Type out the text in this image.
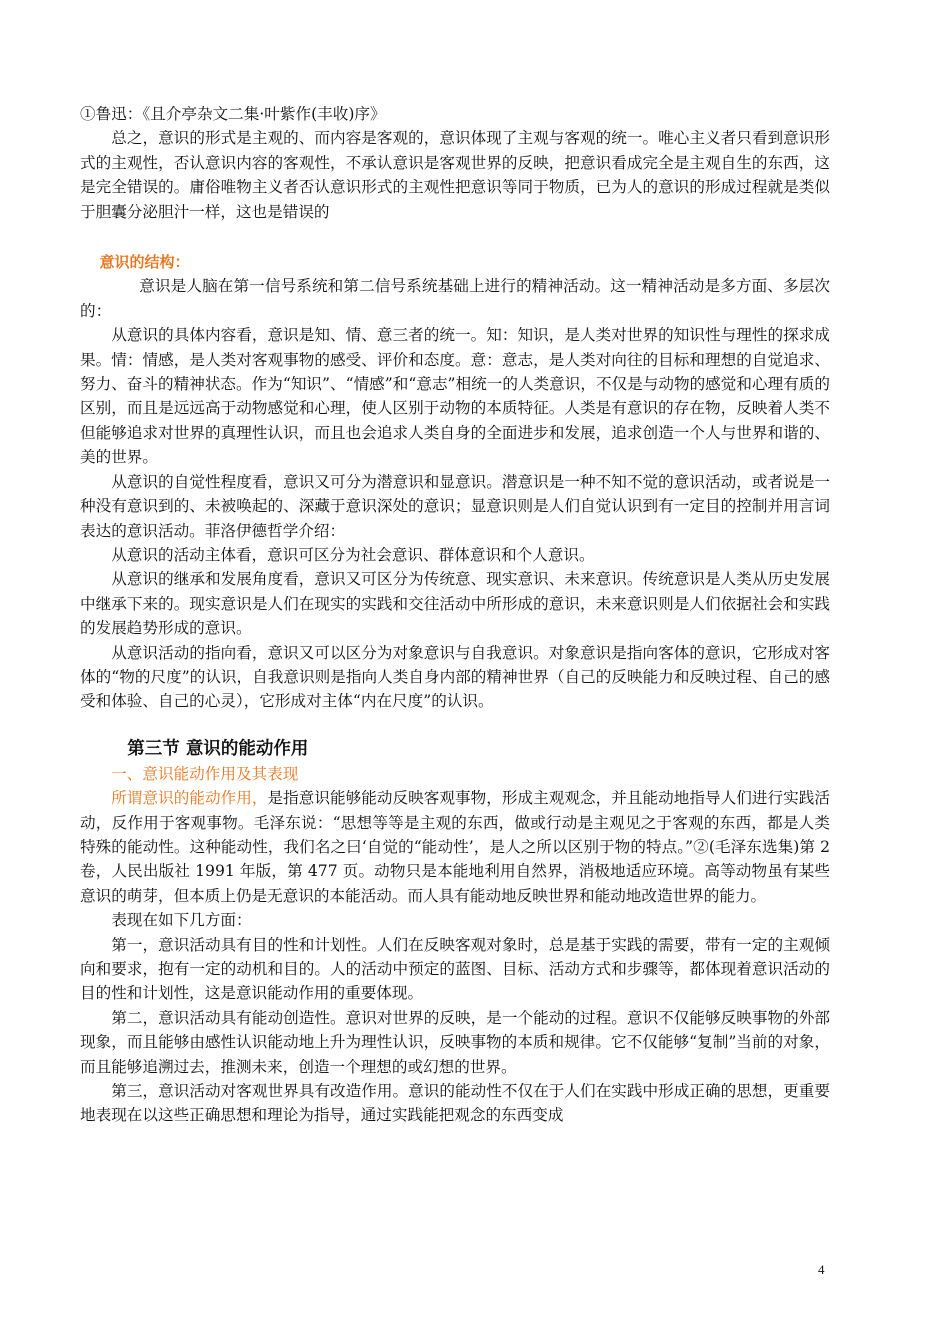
①鲁迅：《且介亭杂文二集·叶紫作(丰收)序》

总之，意识的形式是主观的、而内容是客观的，意识体现了主观与客观的统一。唯心主义者只看到意识形式的主观性，否认意识内容的客观性，不承认意识是客观世界的反映，把意识看成完全是主观自生的东西，这是完全错误的。庸俗唯物主义者否认意识形式的主观性把意识等同于物质，已为人的意识的形成过程就是类似于胆囊分泌胆汁一样，这也是错误的

意识的结构：

意识是人脑在第一信号系统和第二信号系统基础上进行的精神活动。这一精神活动是多方面、多层次的：

从意识的具体内容看，意识是知、情、意三者的统一。知：知识，是人类对世界的知识性与理性的探求成果。情：情感，是人类对客观事物的感受、评价和态度。意：意志，是人类对向往的目标和理想的自觉追求、努力、奋斗的精神状态。作为“知识”、“情感”和“意志”相统一的人类意识，不仅是与动物的感觉和心理有质的区别，而且是远远高于动物感觉和心理，使人区别于动物的本质特征。人类是有意识的存在物，反映着人类不但能够追求对世界的真理性认识，而且也会追求人类自身的全面进步和发展，追求创造一个人与世界和谐的、美的世界。

从意识的自觉性程度看，意识又可分为潜意识和显意识。潜意识是一种不知不觉的意识活动，或者说是一种没有意识到的、未被唤起的、深藏于意识深处的意识；显意识则是人们自觉认识到有一定目的控制并用言词表达的意识活动。菲洛伊德哲学介绍：

从意识的活动主体看，意识可区分为社会意识、群体意识和个人意识。

从意识的继承和发展角度看，意识又可区分为传统意、现实意识、未来意识。传统意识是人类从历史发展中继承下来的。现实意识是人们在现实的实践和交往活动中所形成的意识，未来意识则是人们依据社会和实践的发展趋势形成的意识。

从意识活动的指向看，意识又可以区分为对象意识与自我意识。对象意识是指向客体的意识，它形成对客体的“物的尺度”的认识，自我意识则是指向人类自身内部的精神世界（自己的反映能力和反映过程、自己的感受和体验、自己的心灵），它形成对主体“内在尺度”的认识。

第三节 意识的能动作用

一、意识能动作用及其表现

所谓意识的能动作用，是指意识能够能动反映客观事物，形成主观观念，并且能动地指导人们进行实践活动，反作用于客观事物。毛泽东说：“思想等等是主观的东西，做或行动是主观见之于客观的东西，都是人类特殊的能动性。这种能动性，我们名之曰‘自觉的“能动性’，是人之所以区别于物的特点。”②(毛泽东选集)第 2 卷，人民出版社 1991 年版，第 477 页。动物只是本能地利用自然界，消极地适应环境。高等动物虽有某些意识的萌芽，但本质上仍是无意识的本能活动。而人具有能动地反映世界和能动地改造世界的能力。

表现在如下几方面：

第一，意识活动具有目的性和计划性。人们在反映客观对象时，总是基于实践的需要，带有一定的主观倾向和要求，抱有一定的动机和目的。人的活动中预定的蓝图、目标、活动方式和步骤等，都体现着意识活动的目的性和计划性，这是意识能动作用的重要体现。

第二，意识活动具有能动创造性。意识对世界的反映，是一个能动的过程。意识不仅能够反映事物的外部现象，而且能够由感性认识能动地上升为理性认识，反映事物的本质和规律。它不仅能够“复制”当前的对象，而且能够追溯过去，推测未来，创造一个理想的或幻想的世界。

第三，意识活动对客观世界具有改造作用。意识的能动性不仅在于人们在实践中形成正确的思想，更重要地表现在以这些正确思想和理论为指导，通过实践能把观念的东西变成

4
